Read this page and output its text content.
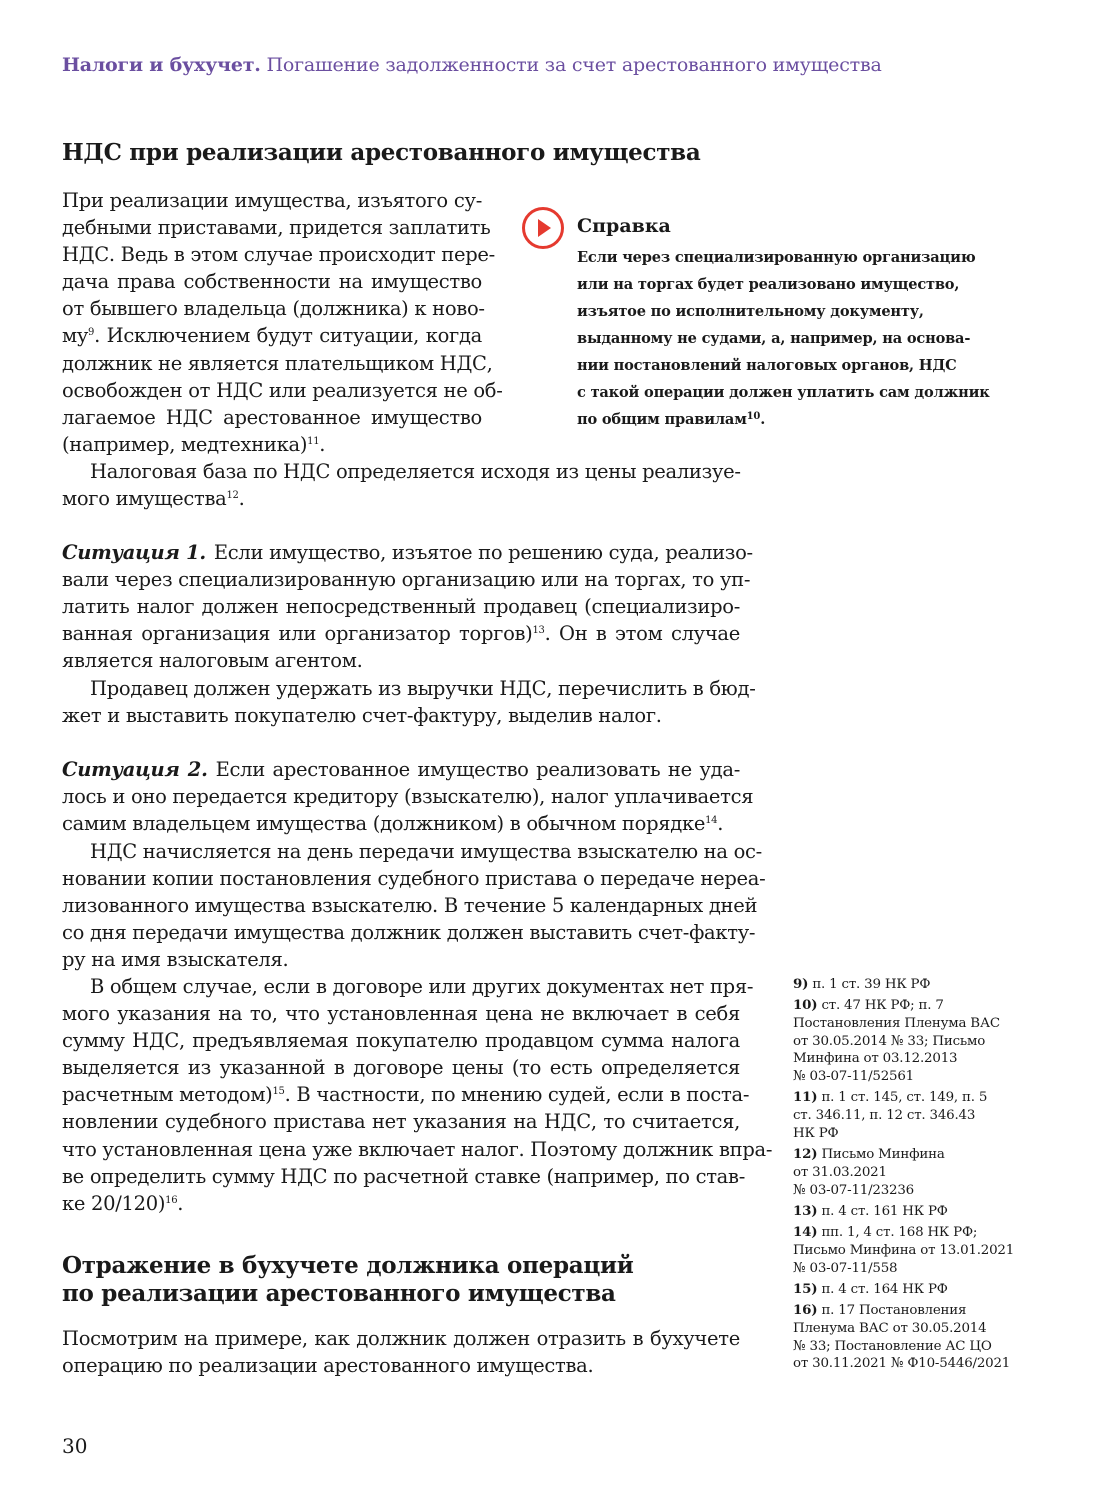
Налоги и бухучет. Погашение задолженности за счет арестованного имущества
НДС при реализации арестованного имущества
При реализации имущества, изъятого су-
дебными приставами, придется заплатить
НДС. Ведь в этом случае происходит пере-
дача права собственности на имущество
от бывшего владельца (должника) к ново-
$му^9$. Исключением будут ситуации, когда
должник не является плательщиком НДС,
освобожден от НДС или реализуется не об-
лагаемое НДС арестованное имущество
(например, медтехника)$^{11}$.
Налоговая база по НДС определяется исходя из цены реализуе-
мого имущества$^{12}$.
Ситуация 1. Если имущество, изъятое по решению суда, реализо-
вали через специализированную организацию или на торгах, то уп-
латить налог должен непосредственный продавец (специализиро-
ванная организация или организатор торгов)$^{13}$. Он в этом случае
является налоговым агентом.
Продавец должен удержать из выручки НДС, перечислить в бюд-
жет и выставить покупателю счет-фактуру, выделив налог.
Ситуация 2. Если арестованное имущество реализовать не уда-
лось и оно передается кредитору (взыскателю), налог уплачивается
самим владельцем имущества (должником) в обычном порядке$^{14}$.
НДС начисляется на день передачи имущества взыскателю на ос-
новании копии постановления судебного пристава о передаче нереа-
лизованного имущества взыскателю. В течение 5 календарных дней
со дня передачи имущества должник должен выставить счет-факту-
ру на имя взыскателя.
В общем случае, если в договоре или других документах нет пря-
мого указания на то, что установленная цена не включает в себя
сумму НДС, предъявляемая покупателю продавцом сумма налога
выделяется из указанной в договоре цены (то есть определяется
расчетным методом)$^{15}$. В частности, по мнению судей, если в поста-
новлении судебного пристава нет указания на НДС, то считается,
что установленная цена уже включает налог. Поэтому должник впра-
ве определить сумму НДС по расчетной ставке (например, по став-
ке 20/120)$^{16}$.
Отражение в бухучете должника операций
по реализации арестованного имущества
Посмотрим на примере, как должник должен отразить в бухучете
операцию по реализации арестованного имущества.
Справка
Если через специализированную организацию
или на торгах будет реализовано имущество,
изъятое по исполнительному документу,
выданному не судами, а, например, на основа-
нии постановлений налоговых органов, НДС
с такой операции должен уплатить сам должник
по общим правилам$^{10}$.
9) п. 1 ст. 39 НК РФ
10) ст. 47 НК РФ; п. 7
Постановления Пленума ВАС
от 30.05.2014 № 33; Письмо
Минфина от 03.12.2013
№ 03-07-11/52561
11) п. 1 ст. 145, ст. 149, п. 5
ст. 346.11, п. 12 ст. 346.43
НК РФ
12) Письмо Минфина
от 31.03.2021
№ 03-07-11/23236
13) п. 4 ст. 161 НК РФ
14) пп. 1, 4 ст. 168 НК РФ;
Письмо Минфина от 13.01.2021
№ 03-07-11/558
15) п. 4 ст. 164 НК РФ
16) п. 17 Постановления
Пленума ВАС от 30.05.2014
№ 33; Постановление АС ЦО
от 30.11.2021 № Ф10-5446/2021
30
